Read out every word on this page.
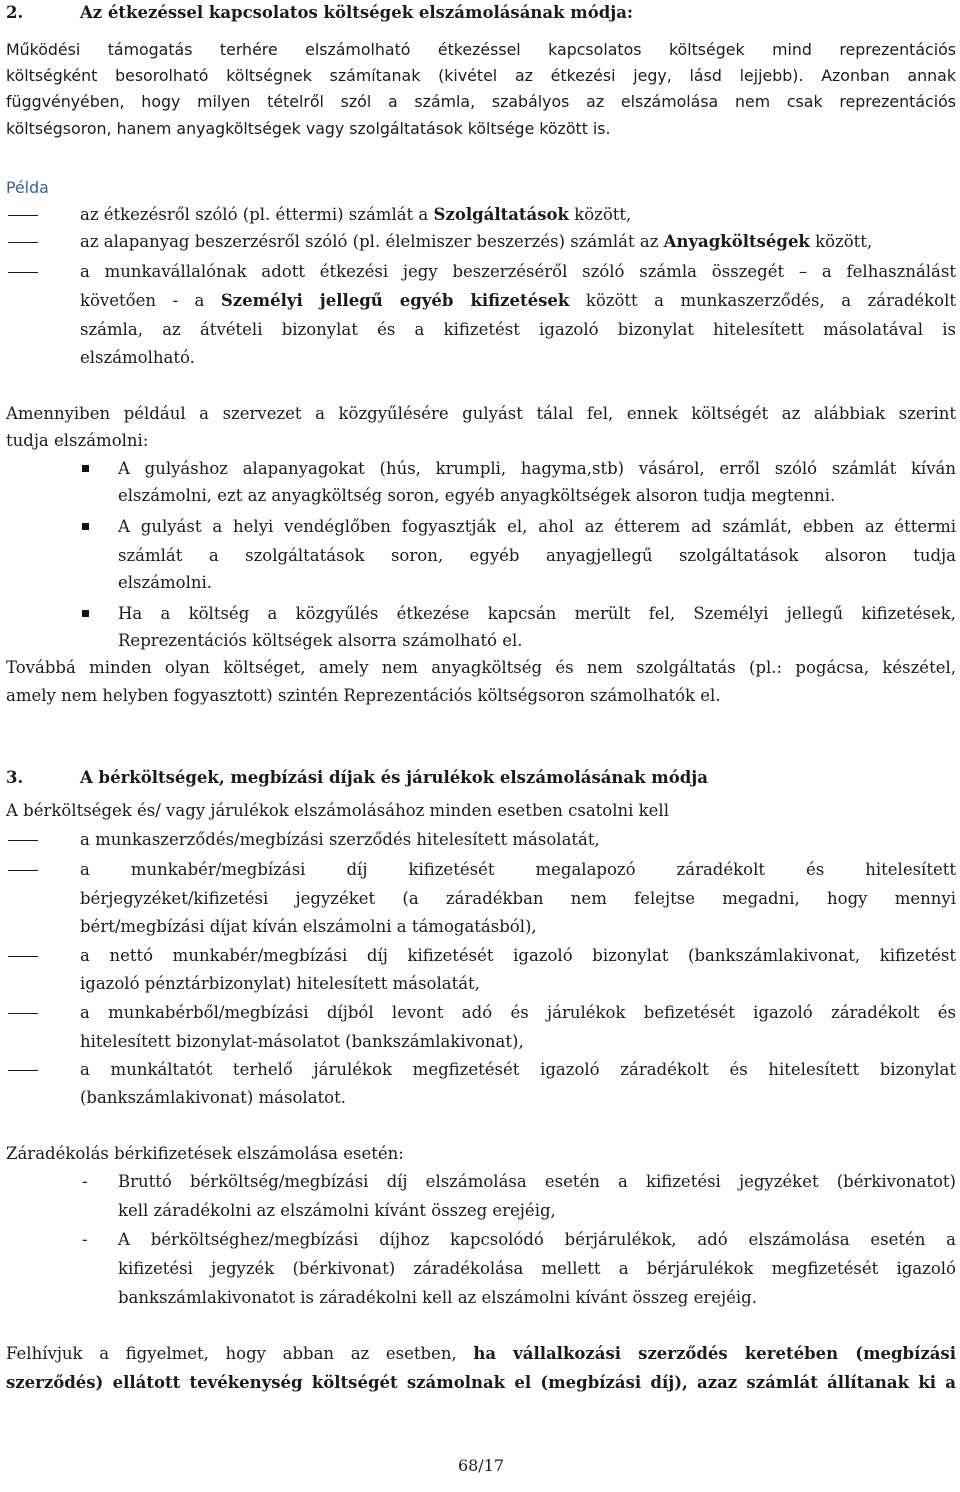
2.	Az étkezéssel kapcsolatos költségek elszámolásának módja:
Működési támogatás terhére elszámolható étkezéssel kapcsolatos költségek mind reprezentációs
költségként besorolható költségnek számítanak (kivétel az étkezési jegy, lásd lejjebb). Azonban annak
függvényében, hogy milyen tételről szól a számla, szabályos az elszámolása nem csak reprezentációs
költségsoron, hanem anyagköltségek vagy szolgáltatások költsége között is.
Példa
az étkezésről szóló (pl. éttermi) számlát a Szolgáltatások között,
az alapanyag beszerzésről szóló (pl. élelmiszer beszerzés) számlát az Anyagköltségek között,
a munkavállalónak adott étkezési jegy beszerzéséről szóló számla összegét – a felhasználást
követően - a Személyi jellegű egyéb kifizetések között a munkaszerződés, a záradékolt
számla, az átvételi bizonylat és a kifizetést igazoló bizonylat hitelesített másolatával is
elszámolható.
Amennyiben például a szervezet a közgyűlésére gulyást tálal fel, ennek költségét az alábbiak szerint
tudja elszámolni:
A gulyáshoz alapanyagokat (hús, krumpli, hagyma,stb) vásárol, erről szóló számlát kíván
elszámolni, ezt az anyagköltség soron, egyéb anyagköltségek alsoron tudja megtenni.
A gulyást a helyi vendéglőben fogyasztják el, ahol az étterem ad számlát, ebben az éttermi
számlát a szolgáltatások soron, egyéb anyagjellegű szolgáltatások alsoron tudja
elszámolni.
Ha a költség a közgyűlés étkezése kapcsán merült fel, Személyi jellegű kifizetések,
Reprezentációs költségek alsorra számolható el.
Továbbá minden olyan költséget, amely nem anyagköltség és nem szolgáltatás (pl.: pogácsa, készétel,
amely nem helyben fogyasztott) szintén Reprezentációs költségsoron számolhatók el.
3.	A bérköltségek, megbízási díjak és járulékok elszámolásának módja
A bérköltségek és/ vagy járulékok elszámolásához minden esetben csatolni kell
a munkaszerződés/megbízási szerződés hitelesített másolatát,
a munkabér/megbízási díj kifizetését megalapozó záradékolt és hitelesített
bérjegyzéket/kifizetési jegyzéket (a záradékban nem felejtse megadni, hogy mennyi
bért/megbízási díjat kíván elszámolni a támogatásból),
a nettó munkabér/megbízási díj kifizetését igazoló bizonylat (bankszámlakivonat, kifizetést
igazoló pénztárbizonylat) hitelesített másolatát,
a munkabérből/megbízási díjból levont adó és járulékok befizetését igazoló záradékolt és
hitelesített bizonylat-másolatot (bankszámlakivonat),
a munkáltatót terhelő járulékok megfizetését igazoló záradékolt és hitelesített bizonylat
(bankszámlakivonat) másolatot.
Záradékolás bérkifizetések elszámolása esetén:
- Bruttó bérköltség/megbízási díj elszámolása esetén a kifizetési jegyzéket (bérkivonatot)
kell záradékolni az elszámolni kívánt összeg erejéig,
- A bérköltséghez/megbízási díjhoz kapcsolódó bérjárulékok, adó elszámolása esetén a
kifizetési jegyzék (bérkivonat) záradékolása mellett a bérjárulékok megfizetését igazoló
bankszámlakivonatot is záradékolni kell az elszámolni kívánt összeg erejéig.
Felhívjuk a figyelmet, hogy abban az esetben, ha vállalkozási szerződés keretében (megbízási
szerződés) ellátott tevékenység költségét számolnak el (megbízási díj), azaz számlát állítanak ki a
68/17
